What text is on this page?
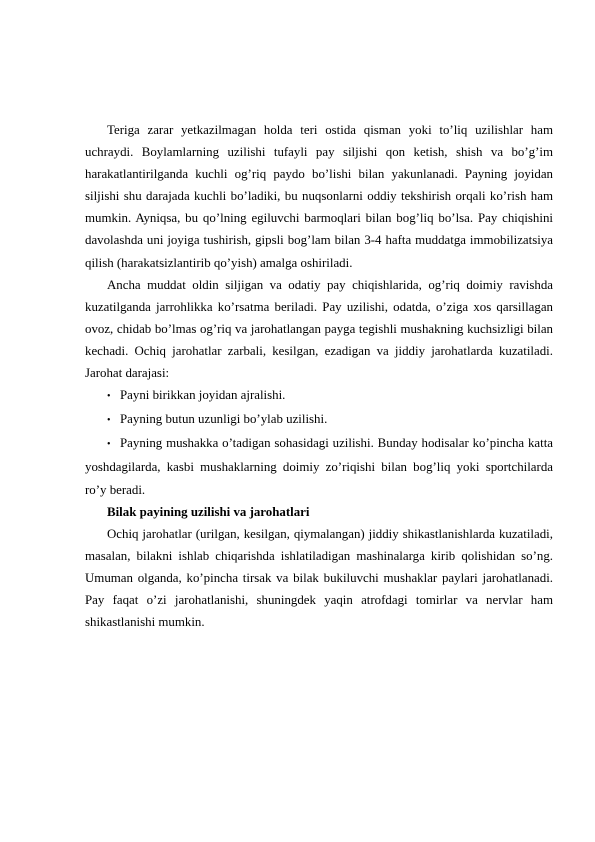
Teriga zarar yetkazilmagan holda teri ostida qisman yoki to’liq uzilishlar ham uchraydi. Boylamlarning uzilishi tufayli pay siljishi qon ketish, shish va bo’g’im harakatlantirilganda kuchli og’riq paydo bo’lishi bilan yakunlanadi. Payning joyidan siljishi shu darajada kuchli bo’ladiki, bu nuqsonlarni oddiy tekshirish orqali ko’rish ham mumkin. Ayniqsa, bu qo’lning egiluvchi barmoqlari bilan bog’liq bo’lsa. Pay chiqishini davolashda uni joyiga tushirish, gipsli bog’lam bilan 3-4 hafta muddatga immobilizatsiya qilish (harakatsizlantirib qo’yish) amalga oshiriladi.

Ancha muddat oldin siljigan va odatiy pay chiqishlarida, og’riq doimiy ravishda kuzatilganda jarrohlikka ko’rsatma beriladi. Pay uzilishi, odatda, o’ziga xos qarsillagan ovoz, chidab bo’lmas og’riq va jarohatlangan payga tegishli mushakning kuchsizligi bilan kechadi. Ochiq jarohatlar zarbali, kesilgan, ezadigan va jiddiy jarohatlarda kuzatiladi. Jarohat darajasi:

• Payni birikkan joyidan ajralishi.

• Payning butun uzunligi bo’ylab uzilishi.

• Payning mushakka o’tadigan sohasidagi uzilishi. Bunday hodisalar ko’pincha katta yoshdagilarda, kasbi mushaklarning doimiy zo’riqishi bilan bog’liq yoki sportchilarda ro’y beradi.

Bilak payining uzilishi va jarohatlari

Ochiq jarohatlar (urilgan, kesilgan, qiymalangan) jiddiy shikastlanishlarda kuzatiladi, masalan, bilakni ishlab chiqarishda ishlatiladigan mashinalarga kirib qolishidan so’ng. Umuman olganda, ko’pincha tirsak va bilak bukiluvchi mushaklar paylari jarohatlanadi. Pay faqat o’zi jarohatlanishi, shuningdek yaqin atrofdagi tomirlar va nervlar ham shikastlanishi mumkin.
